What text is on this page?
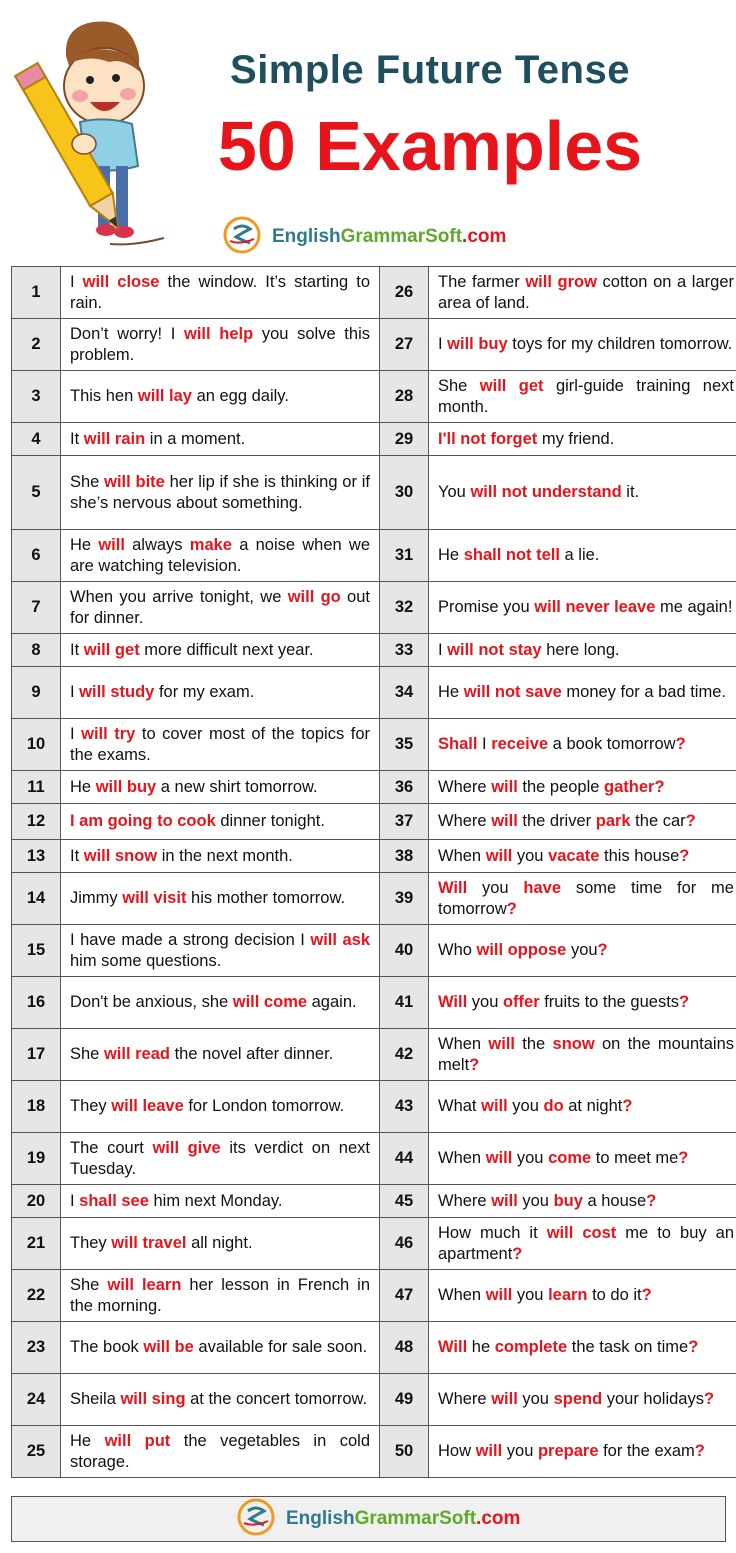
Simple Future Tense
50 Examples
EnglishGrammarSoft.com
1	I will close the window. It’s starting to rain.	26	The farmer will grow cotton on a larger area of land.
2	Don’t worry! I will help you solve this problem.	27	I will buy toys for my children tomorrow.
3	This hen will lay an egg daily.	28	She will get girl-guide training next month.
4	It will rain in a moment.	29	I'll not forget my friend.
5	She will bite her lip if she is thinking or if she’s nervous about something.	30	You will not understand it.
6	He will always make a noise when we are watching television.	31	He shall not tell a lie.
7	When you arrive tonight, we will go out for dinner.	32	Promise you will never leave me again!
8	It will get more difficult next year.	33	I will not stay here long.
9	I will study for my exam.	34	He will not save money for a bad time.
10	I will try to cover most of the topics for the exams.	35	Shall I receive a book tomorrow?
11	He will buy a new shirt tomorrow.	36	Where will the people gather?
12	I am going to cook dinner tonight.	37	Where will the driver park the car?
13	It will snow in the next month.	38	When will you vacate this house?
14	Jimmy will visit his mother tomorrow.	39	Will you have some time for me tomorrow?
15	I have made a strong decision I will ask him some questions.	40	Who will oppose you?
16	Don't be anxious, she will come again.	41	Will you offer fruits to the guests?
17	She will read the novel after dinner.	42	When will the snow on the mountains melt?
18	They will leave for London tomorrow.	43	What will you do at night?
19	The court will give its verdict on next Tuesday.	44	When will you come to meet me?
20	I shall see him next Monday.	45	Where will you buy a house?
21	They will travel all night.	46	How much it will cost me to buy an apartment?
22	She will learn her lesson in French in the morning.	47	When will you learn to do it?
23	The book will be available for sale soon.	48	Will he complete the task on time?
24	Sheila will sing at the concert tomorrow.	49	Where will you spend your holidays?
25	He will put the vegetables in cold storage.	50	How will you prepare for the exam?
EnglishGrammarSoft.com
